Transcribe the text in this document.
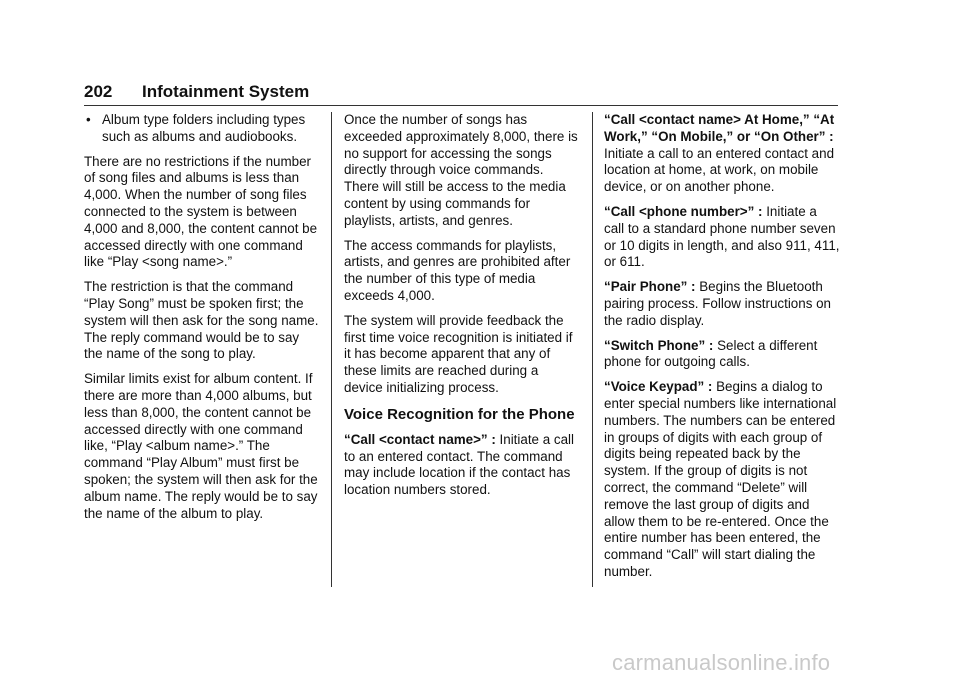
202 Infotainment System
• Album type folders including types such as albums and audiobooks.

There are no restrictions if the number of song files and albums is less than 4,000. When the number of song files connected to the system is between 4,000 and 8,000, the content cannot be accessed directly with one command like “Play <song name>.”

The restriction is that the command “Play Song” must be spoken first; the system will then ask for the song name. The reply command would be to say the name of the song to play.

Similar limits exist for album content. If there are more than 4,000 albums, but less than 8,000, the content cannot be accessed directly with one command like, “Play <album name>.” The command “Play Album” must first be spoken; the system will then ask for the album name. The reply would be to say the name of the album to play.

Once the number of songs has exceeded approximately 8,000, there is no support for accessing the songs directly through voice commands. There will still be access to the media content by using commands for playlists, artists, and genres.

The access commands for playlists, artists, and genres are prohibited after the number of this type of media exceeds 4,000.

The system will provide feedback the first time voice recognition is initiated if it has become apparent that any of these limits are reached during a device initializing process.

Voice Recognition for the Phone

“Call <contact name>” : Initiate a call to an entered contact. The command may include location if the contact has location numbers stored.

“Call <contact name> At Home,” “At Work,” “On Mobile,” or “On Other” : Initiate a call to an entered contact and location at home, at work, on mobile device, or on another phone.

“Call <phone number>” : Initiate a call to a standard phone number seven or 10 digits in length, and also 911, 411, or 611.

“Pair Phone” : Begins the Bluetooth pairing process. Follow instructions on the radio display.

“Switch Phone” : Select a different phone for outgoing calls.

“Voice Keypad” : Begins a dialog to enter special numbers like international numbers. The numbers can be entered in groups of digits with each group of digits being repeated back by the system. If the group of digits is not correct, the command “Delete” will remove the last group of digits and allow them to be re-entered. Once the entire number has been entered, the command “Call” will start dialing the number.

carmanualsonline.info
